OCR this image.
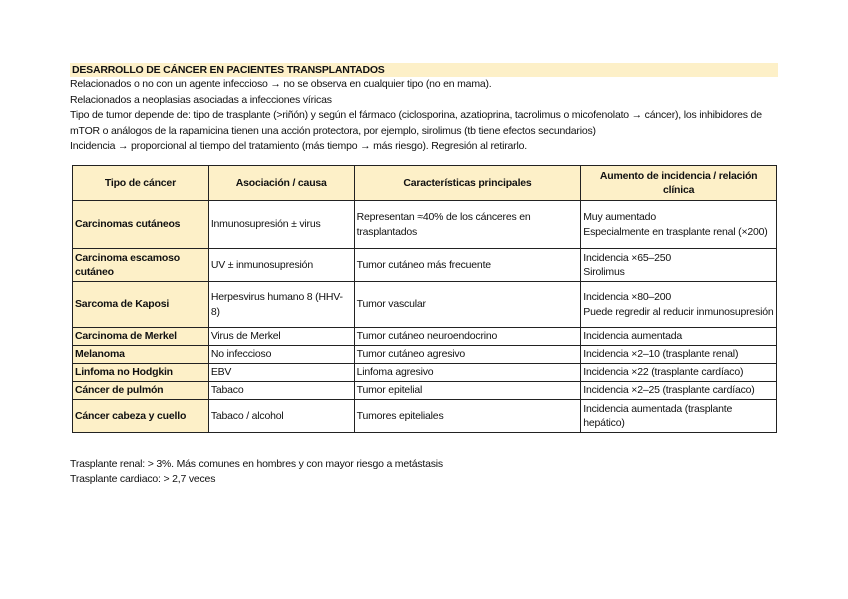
DESARROLLO DE CÁNCER EN PACIENTES TRANSPLANTADOS

Relacionados o no con un agente infeccioso → no se observa en cualquier tipo (no en mama).

Relacionados a neoplasias asociadas a infecciones víricas

Tipo de tumor depende de: tipo de trasplante (>riñón) y según el fármaco (ciclosporina, azatioprina, tacrolimus o micofenolato → cáncer), los inhibidores de mTOR o análogos de la rapamicina tienen una acción protectora, por ejemplo, sirolimus (tb tiene efectos secundarios)

Incidencia → proporcional al tiempo del tratamiento (más tiempo → más riesgo). Regresión al retirarlo.

Tipo de cáncer	Asociación / causa	Características principales	Aumento de incidencia / relación clínica

Carcinomas cutáneos	Inmunosupresión ± virus	Representan ≈40% de los cánceres en trasplantados	Muy aumentado
Especialmente en trasplante renal (×200)

Carcinoma escamoso cutáneo	UV ± inmunosupresión	Tumor cutáneo más frecuente	Incidencia ×65–250
Sirolimus

Sarcoma de Kaposi	Herpesvirus humano 8 (HHV-8)	Tumor vascular	Incidencia ×80–200
Puede regredir al reducir inmunosupresión

Carcinoma de Merkel	Virus de Merkel	Tumor cutáneo neuroendocrino	Incidencia aumentada

Melanoma	No infeccioso	Tumor cutáneo agresivo	Incidencia ×2–10 (trasplante renal)

Linfoma no Hodgkin	EBV	Linfoma agresivo	Incidencia ×22 (trasplante cardíaco)

Cáncer de pulmón	Tabaco	Tumor epitelial	Incidencia ×2–25 (trasplante cardíaco)

Cáncer cabeza y cuello	Tabaco / alcohol	Tumores epiteliales	Incidencia aumentada (trasplante hepático)

Trasplante renal: > 3%. Más comunes en hombres y con mayor riesgo a metástasis

Trasplante cardiaco: > 2,7 veces
